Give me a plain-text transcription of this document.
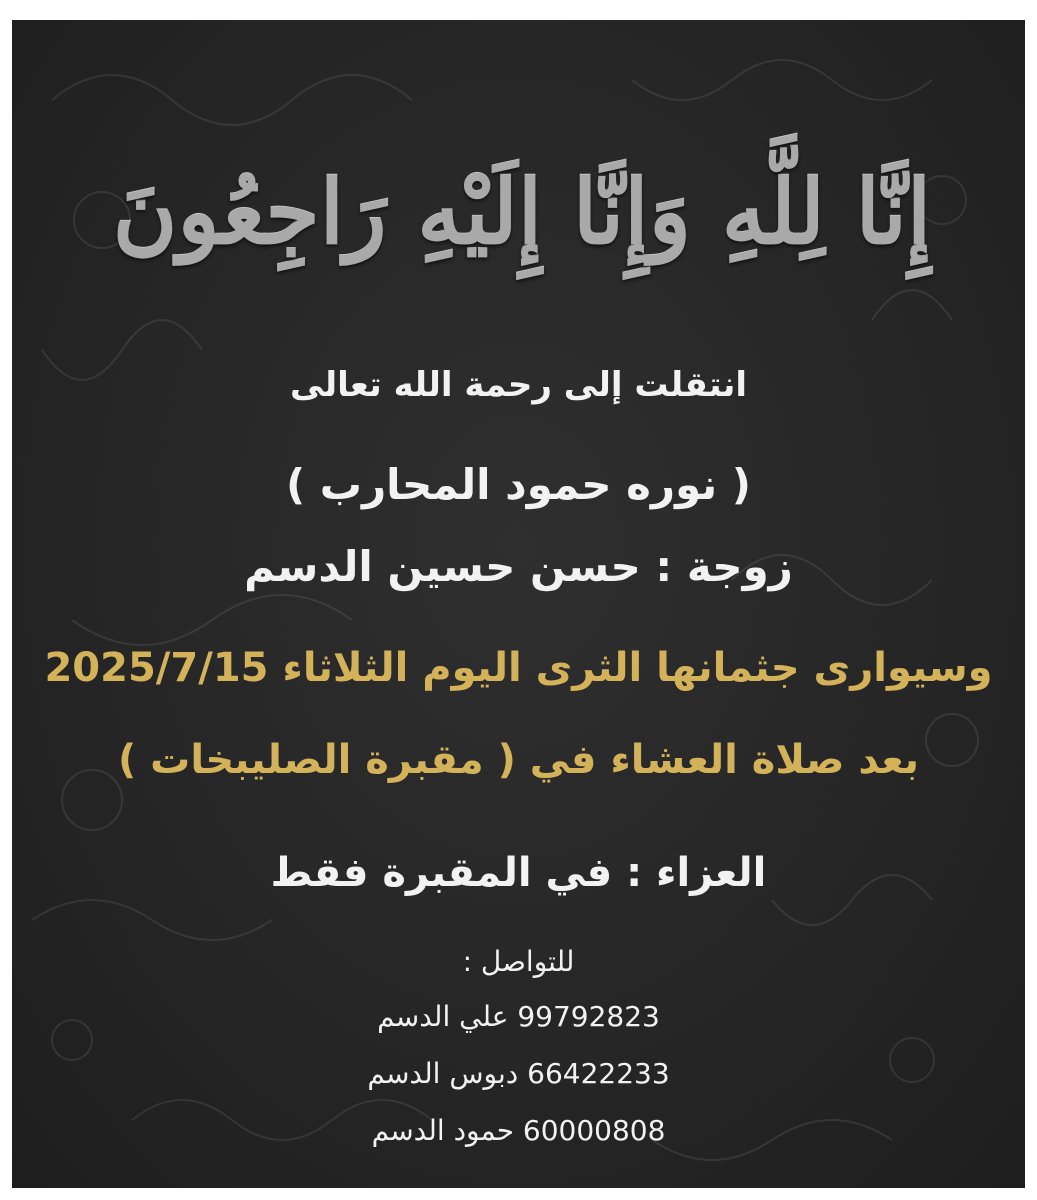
إِنَّا لِلَّهِ وَإِنَّا إِلَيْهِ رَاجِعُونَ
انتقلت إلى رحمة الله تعالى
( نوره حمود المحارب )
زوجة : حسن حسين الدسم
وسيوارى جثمانها الثرى اليوم الثلاثاء 2025/7/15
بعد صلاة العشاء في ( مقبرة الصليبخات )
العزاء : في المقبرة فقط
للتواصل :
99792823 علي الدسم
66422233 دبوس الدسم
60000808 حمود الدسم
